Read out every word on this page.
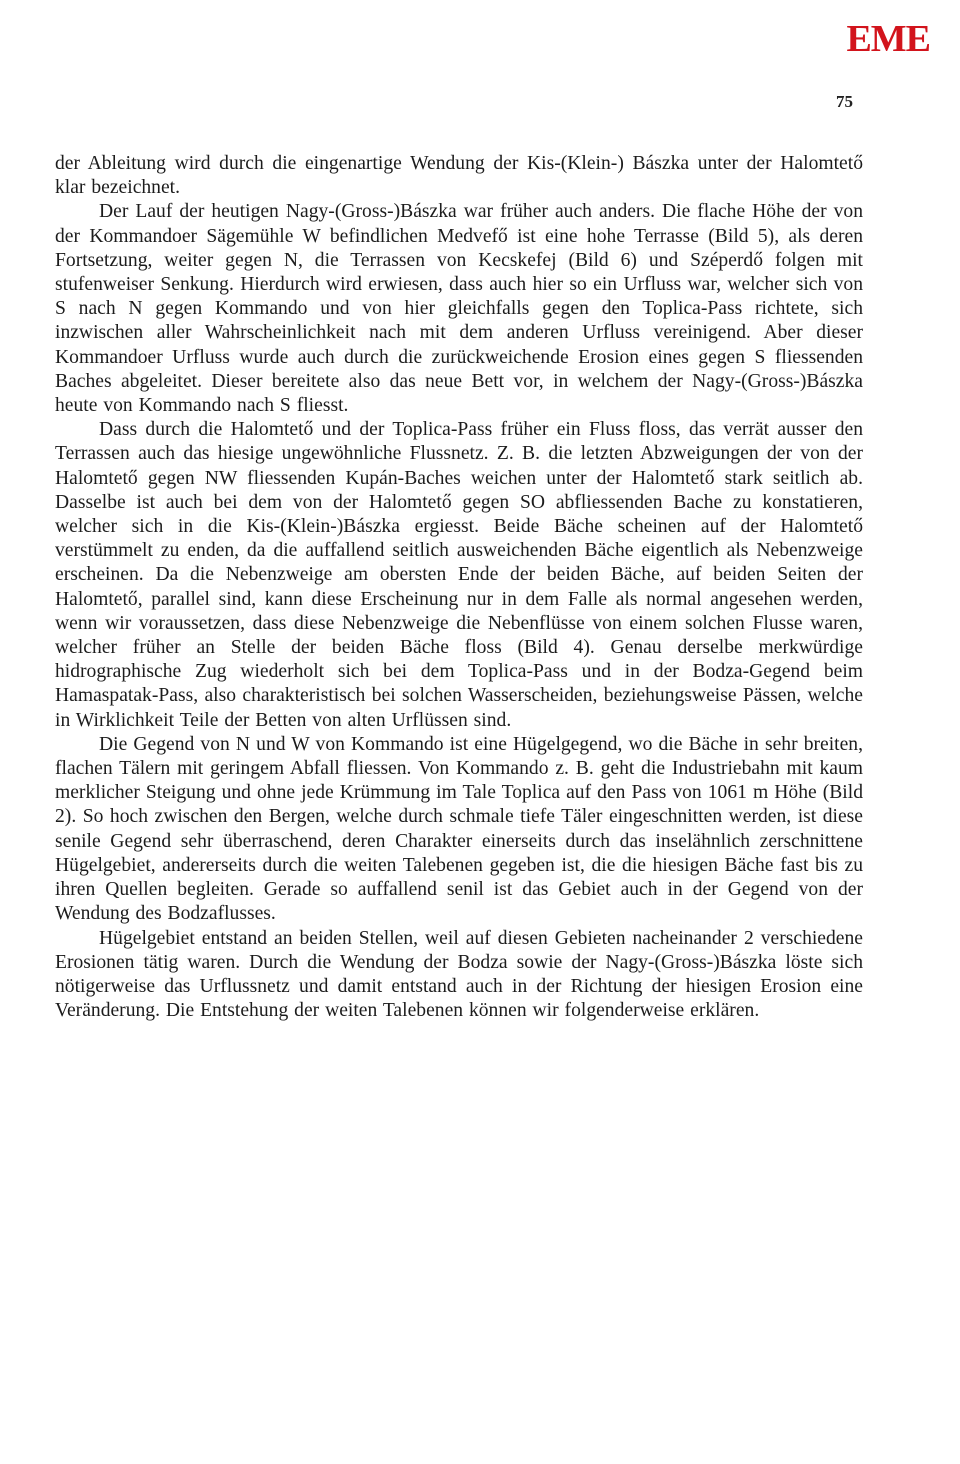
EME
75

der Ableitung wird durch die eingenartige Wendung der Kis-(Klein-) Bászka unter der Halomtető klar bezeichnet.

Der Lauf der heutigen Nagy-(Gross-)Bászka war früher auch anders. Die flache Höhe der von der Kommandoer Sägemühle W befindlichen Medvefő ist eine hohe Terrasse (Bild 5), als deren Fortsetzung, weiter gegen N, die Terrassen von Kecskefej (Bild 6) und Széperdő folgen mit stufenweiser Senkung. Hierdurch wird erwiesen, dass auch hier so ein Urfluss war, welcher sich von S nach N gegen Kommando und von hier gleichfalls gegen den Toplica-Pass richtete, sich inzwischen aller Wahrscheinlichkeit nach mit dem anderen Urfluss vereinigend. Aber dieser Kommandoer Urfluss wurde auch durch die zurückweichende Erosion eines gegen S fliessenden Baches abgeleitet. Dieser bereitete also das neue Bett vor, in welchem der Nagy-(Gross-)Bászka heute von Kommando nach S fliesst.

Dass durch die Halomtető und der Toplica-Pass früher ein Fluss floss, das verrät ausser den Terrassen auch das hiesige ungewöhnliche Flussnetz. Z. B. die letzten Abzweigungen der von der Halomtető gegen NW fliessenden Kupán-Baches weichen unter der Halomtető stark seitlich ab. Dasselbe ist auch bei dem von der Halomtető gegen SO abfliessenden Bache zu konstatieren, welcher sich in die Kis-(Klein-)Bászka ergiesst. Beide Bäche scheinen auf der Halomtető verstümmelt zu enden, da die auffallend seitlich ausweichenden Bäche eigentlich als Nebenzweige erscheinen. Da die Nebenzweige am obersten Ende der beiden Bäche, auf beiden Seiten der Halomtető, parallel sind, kann diese Erscheinung nur in dem Falle als normal angesehen werden, wenn wir voraussetzen, dass diese Nebenzweige die Nebenflüsse von einem solchen Flusse waren, welcher früher an Stelle der beiden Bäche floss (Bild 4). Genau derselbe merkwürdige hidrographische Zug wiederholt sich bei dem Toplica-Pass und in der Bodza-Gegend beim Hamaspatak-Pass, also charakteristisch bei solchen Wasserscheiden, beziehungsweise Pässen, welche in Wirklichkeit Teile der Betten von alten Urflüssen sind.

Die Gegend von N und W von Kommando ist eine Hügelgegend, wo die Bäche in sehr breiten, flachen Tälern mit geringem Abfall fliessen. Von Kommando z. B. geht die Industriebahn mit kaum merklicher Steigung und ohne jede Krümmung im Tale Toplica auf den Pass von 1061 m Höhe (Bild 2). So hoch zwischen den Bergen, welche durch schmale tiefe Täler eingeschnitten werden, ist diese senile Gegend sehr überraschend, deren Charakter einerseits durch das inselähnlich zerschnittene Hügelgebiet, andererseits durch die weiten Talebenen gegeben ist, die die hiesigen Bäche fast bis zu ihren Quellen begleiten. Gerade so auffallend senil ist das Gebiet auch in der Gegend von der Wendung des Bodzaflusses.

Hügelgebiet entstand an beiden Stellen, weil auf diesen Gebieten nacheinander 2 verschiedene Erosionen tätig waren. Durch die Wendung der Bodza sowie der Nagy-(Gross-)Bászka löste sich nötigerweise das Urflussnetz und damit entstand auch in der Richtung der hiesigen Erosion eine Veränderung. Die Entstehung der weiten Talebenen können wir folgenderweise erklären.
